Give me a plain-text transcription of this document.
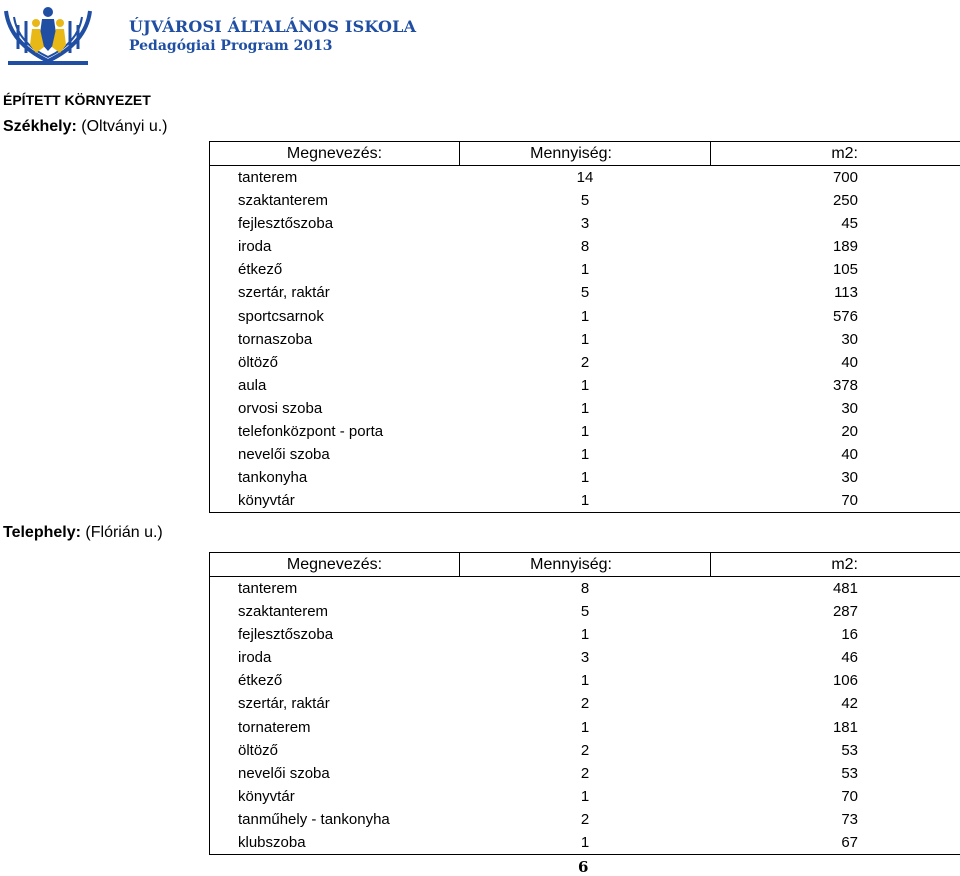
ÚJVÁROSI ÁLTALÁNOS ISKOLA

Pedagógiai Program 2013

ÉPÍTETT KÖRNYEZET

Székhely: (Oltványi u.)

Megnevezés:	Mennyiség:	m2:
tanterem	14	700
szaktanterem	5	250
fejlesztőszoba	3	45
iroda	8	189
étkező	1	105
szertár, raktár	5	113
sportcsarnok	1	576
tornaszoba	1	30
öltöző	2	40
aula	1	378
orvosi szoba	1	30
telefonközpont - porta	1	20
nevelői szoba	1	40
tankonyha	1	30
könyvtár	1	70

Telephely: (Flórián u.)

Megnevezés:	Mennyiség:	m2:
tanterem	8	481
szaktanterem	5	287
fejlesztőszoba	1	16
iroda	3	46
étkező	1	106
szertár, raktár	2	42
tornaterem	1	181
öltöző	2	53
nevelői szoba	2	53
könyvtár	1	70
tanműhely - tankonyha	2	73
klubszoba	1	67

6
